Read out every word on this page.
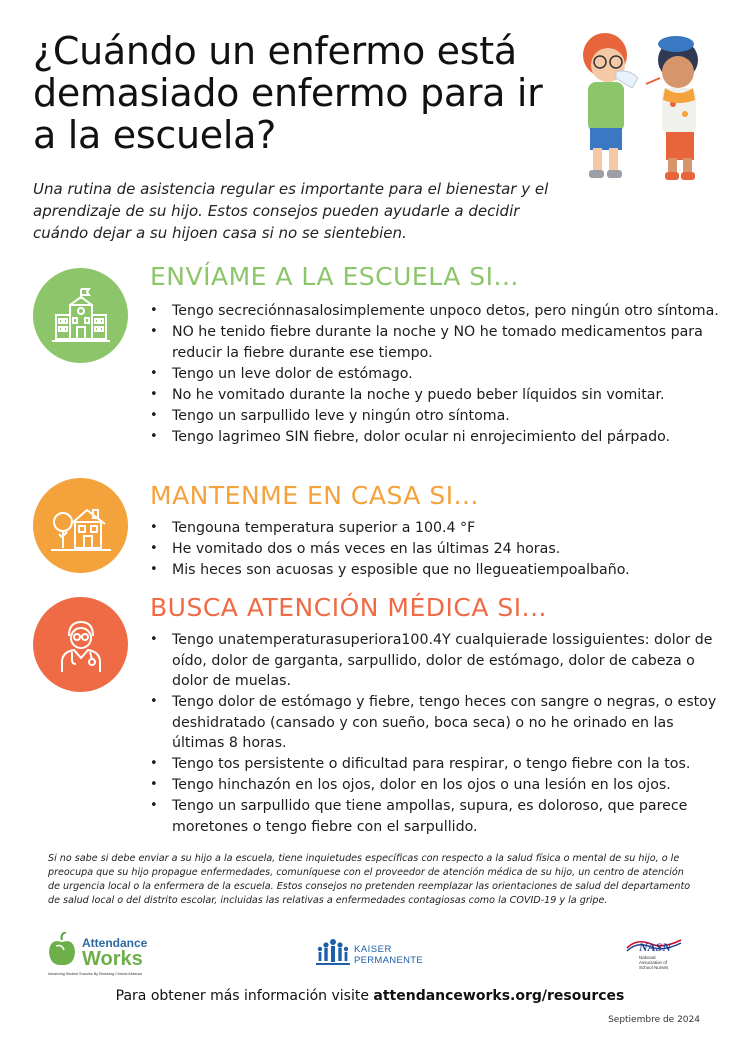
¿Cuándo un enfermo está demasiado enfermo para ir a la escuela?

Una rutina de asistencia regular es importante para el bienestar y el aprendizaje de su hijo. Estos consejos pueden ayudarle a decidir cuándo dejar a su hijoen casa si no se sientebien.

ENVÍAME A LA ESCUELA SI...
• Tengo secreciónnasalosimplemente unpoco detos, pero ningún otro síntoma.
• NO he tenido fiebre durante la noche y NO he tomado medicamentos para reducir la fiebre durante ese tiempo.
• Tengo un leve dolor de estómago.
• No he vomitado durante la noche y puedo beber líquidos sin vomitar.
• Tengo un sarpullido leve y ningún otro síntoma.
• Tengo lagrimeo SIN fiebre, dolor ocular ni enrojecimiento del párpado.
MANTENME EN CASA SI...
• Tengouna temperatura superior a 100.4 °F
• He vomitado dos o más veces en las últimas 24 horas.
• Mis heces son acuosas y esposible que no llegueatiempoalbaño.
BUSCA ATENCIÓN MÉDICA SI...
• Tengo unatemperaturasuperiora100.4Y cualquierade lossiguientes: dolor de oído, dolor de garganta, sarpullido, dolor de estómago, dolor de cabeza o dolor de muelas.
• Tengo dolor de estómago y fiebre, tengo heces con sangre o negras, o estoy deshidratado (cansado y con sueño, boca seca) o no he orinado en las últimas 8 horas.
• Tengo tos persistente o dificultad para respirar, o tengo fiebre con la tos.
• Tengo hinchazón en los ojos, dolor en los ojos o una lesión en los ojos.
• Tengo un sarpullido que tiene ampollas, supura, es doloroso, que parece moretones o tengo fiebre con el sarpullido.

Si no sabe si debe enviar a su hijo a la escuela, tiene inquietudes específicas con respecto a la salud física o mental de su hijo, o le preocupa que su hijo propague enfermedades, comuníquese con el proveedor de atención médica de su hijo, un centro de atención de urgencia local o la enfermera de la escuela. Estos consejos no pretenden reemplazar las orientaciones de salud del departamento de salud local o del distrito escolar, incluidas las relativas a enfermedades contagiosas como la COVID-19 y la gripe.

Attendance
Works
Advancing Student Success By Reducing Chronic Absence
KAISER
PERMANENTE
NASN
National
Association of
School Nurses
Para obtener más información visite attendanceworks.org/resources
Septiembre de 2024
